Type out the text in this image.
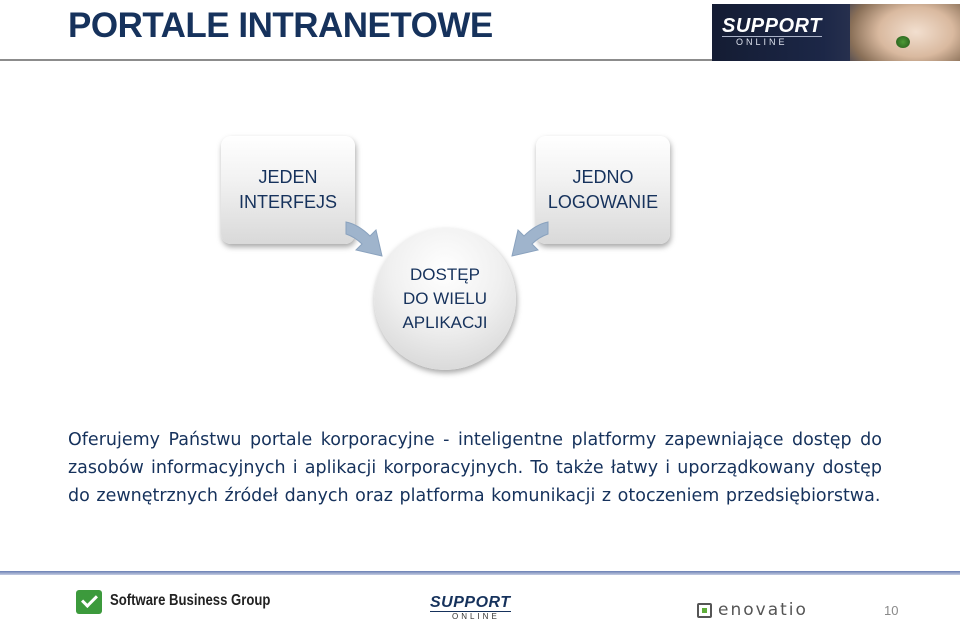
PORTALE INTRANETOWE	SUPPORT
ONLINE
JEDEN
INTERFEJS
JEDNO
LOGOWANIE
DOSTĘP
DO WIELU
APLIKACJI
Oferujemy Państwu portale korporacyjne - inteligentne platformy zapewniające dostęp do zasobów informacyjnych i aplikacji korporacyjnych. To także łatwy i uporządkowany dostęp do zewnętrznych źródeł danych oraz platforma komunikacji z otoczeniem przedsiębiorstwa.
Software Business Group	SUPPORT
ONLINE	enovatio	10
